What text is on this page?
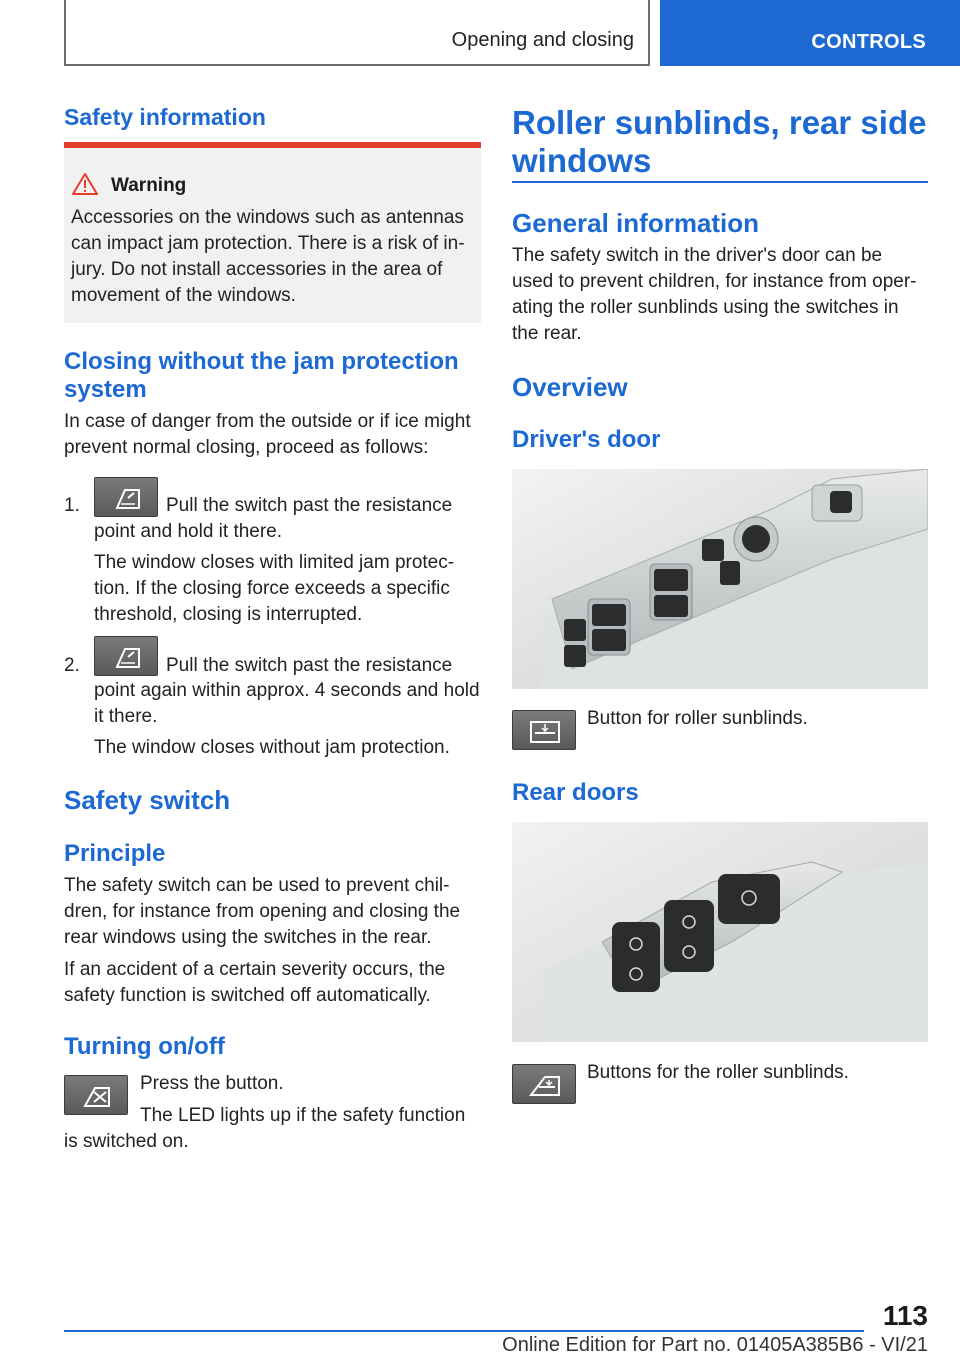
Opening and closing	CONTROLS
Safety information
Warning
Accessories on the windows such as antennas
can impact jam protection. There is a risk of in-
jury. Do not install accessories in the area of
movement of the windows.
Closing without the jam protection
system
In case of danger from the outside or if ice might
prevent normal closing, proceed as follows:
1.	Pull the switch past the resistance
point and hold it there.
The window closes with limited jam protec-
tion. If the closing force exceeds a specific
threshold, closing is interrupted.
2.	Pull the switch past the resistance
point again within approx. 4 seconds and hold
it there.
The window closes without jam protection.
Safety switch
Principle
The safety switch can be used to prevent chil-
dren, for instance from opening and closing the
rear windows using the switches in the rear.
If an accident of a certain severity occurs, the
safety function is switched off automatically.
Turning on/off
Press the button.
The LED lights up if the safety function
is switched on.
Roller sunblinds, rear side
windows
General information
The safety switch in the driver's door can be
used to prevent children, for instance from oper-
ating the roller sunblinds using the switches in
the rear.
Overview
Driver's door
Button for roller sunblinds.
Rear doors
Buttons for the roller sunblinds.
113
Online Edition for Part no. 01405A385B6 - VI/21
